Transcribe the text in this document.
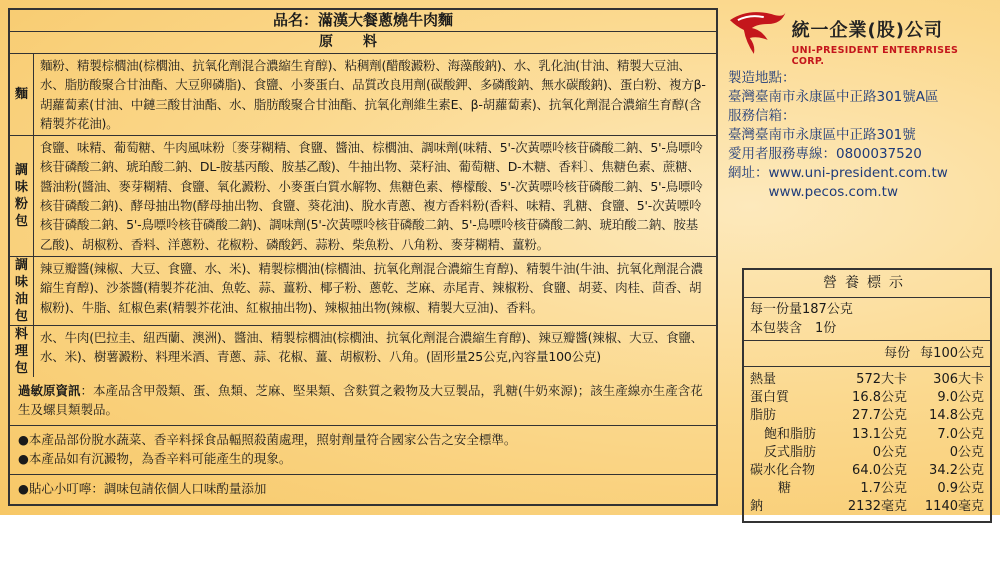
品名：滿漢大餐蔥燒牛肉麵
原料
麵
麵粉、精製棕櫚油(棕櫚油、抗氧化劑混合濃縮生育醇)、粘稠劑(醋酸澱粉、海藻酸鈉)、水、乳化油(甘油、精製大豆油、水、脂肪酸聚合甘油酯、大豆卵磷脂)、食鹽、小麥蛋白、品質改良用劑(碳酸鉀、多磷酸鈉、無水碳酸鈉)、蛋白粉、複方β-胡蘿蔔素(甘油、中鏈三酸甘油酯、水、脂肪酸聚合甘油酯、抗氧化劑維生素E、β-胡蘿蔔素)、抗氧化劑混合濃縮生育醇(含精製芥花油)。
調
味
粉
包
食鹽、味精、葡萄糖、牛肉風味粉〔麥芽糊精、食鹽、醬油、棕櫚油、調味劑(味精、5'-次黃嘌呤核苷磷酸二鈉、5'-鳥嘌呤核苷磷酸二鈉、琥珀酸二鈉、DL-胺基丙酸、胺基乙酸)、牛抽出物、菜籽油、葡萄糖、D-木糖、香料〕、焦糖色素、蔗糖、醬油粉(醬油、麥芽糊精、食鹽、氧化澱粉、小麥蛋白質水解物、焦糖色素、檸檬酸、5'-次黃嘌呤核苷磷酸二鈉、5'-鳥嘌呤核苷磷酸二鈉)、酵母抽出物(酵母抽出物、食鹽、葵花油)、脫水青蔥、複方香料粉(香料、味精、乳糖、食鹽、5'-次黃嘌呤核苷磷酸二鈉、5'-鳥嘌呤核苷磷酸二鈉)、調味劑(5'-次黃嘌呤核苷磷酸二鈉、5'-鳥嘌呤核苷磷酸二鈉、琥珀酸二鈉、胺基乙酸)、胡椒粉、香料、洋蔥粉、花椒粉、磷酸鈣、蒜粉、柴魚粉、八角粉、麥芽糊精、薑粉。
調
味
油
包
辣豆瓣醬(辣椒、大豆、食鹽、水、米)、精製棕櫚油(棕櫚油、抗氧化劑混合濃縮生育醇)、精製牛油(牛油、抗氧化劑混合濃縮生育醇)、沙茶醬(精製芥花油、魚乾、蒜、薑粉、椰子粉、蔥乾、芝麻、赤尾青、辣椒粉、食鹽、胡荽、肉桂、茴香、胡椒粉)、牛脂、紅椒色素(精製芥花油、紅椒抽出物)、辣椒抽出物(辣椒、精製大豆油)、香料。
料
理
包
水、牛肉(巴拉圭、紐西蘭、澳洲)、醬油、精製棕櫚油(棕櫚油、抗氧化劑混合濃縮生育醇)、辣豆瓣醬(辣椒、大豆、食鹽、水、米)、樹薯澱粉、料理米酒、青蔥、蒜、花椒、薑、胡椒粉、八角。(固形量25公克,內容量100公克)

過敏原資訊：本產品含甲殼類、蛋、魚類、芝麻、堅果類、含麩質之穀物及大豆製品，乳糖(牛奶來源)；該生產線亦生產含花生及螺貝類製品。

●本產品部份脫水蔬菜、香辛料採食品輻照殺菌處理，照射劑量符合國家公告之安全標準。

●本產品如有沉澱物，為香辛料可能產生的現象。

●貼心小叮嚀：調味包請依個人口味酌量添加

統一企業(股)公司
UNI-PRESIDENT ENTERPRISES CORP.
製造地點：
臺灣臺南市永康區中正路301號A區
服務信箱：
臺灣臺南市永康區中正路301號
愛用者服務專線：0800037520
網址：www.uni-president.com.tw
　　　www.pecos.com.tw
營養標示
每一份量187公克
本包裝含　1份
每份 每100公克
熱量	572大卡	306大卡
蛋白質	16.8公克	9.0公克
脂肪	27.7公克	14.8公克
飽和脂肪	13.1公克	7.0公克
反式脂肪	0公克	0公克
碳水化合物	64.0公克	34.2公克
糖	1.7公克	0.9公克
鈉	2132毫克	1140毫克
